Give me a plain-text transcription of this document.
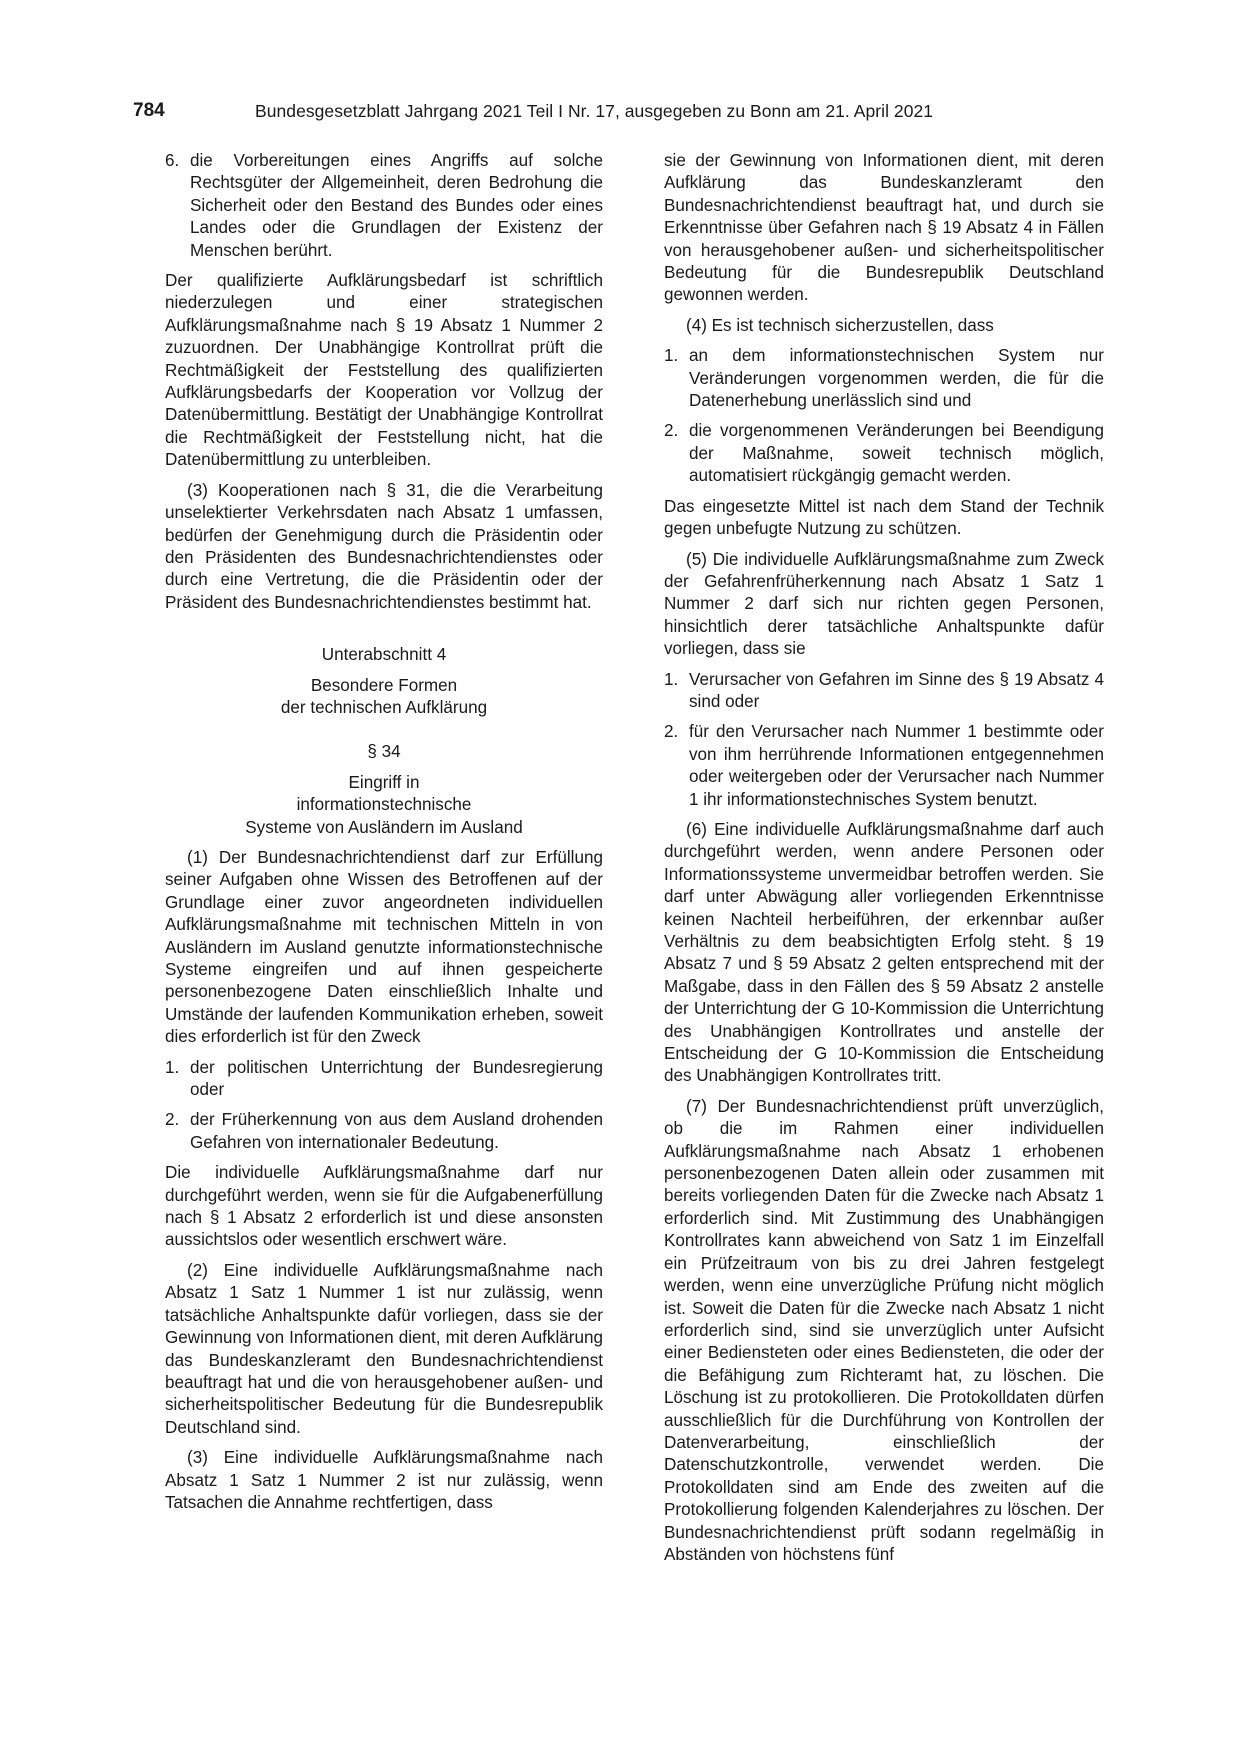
784	Bundesgesetzblatt Jahrgang 2021 Teil I Nr. 17, ausgegeben zu Bonn am 21. April 2021
6. die Vorbereitungen eines Angriffs auf solche Rechtsgüter der Allgemeinheit, deren Bedrohung die Sicherheit oder den Bestand des Bundes oder eines Landes oder die Grundlagen der Existenz der Menschen berührt.

Der qualifizierte Aufklärungsbedarf ist schriftlich niederzulegen und einer strategischen Aufklärungsmaßnahme nach § 19 Absatz 1 Nummer 2 zuzuordnen. Der Unabhängige Kontrollrat prüft die Rechtmäßigkeit der Feststellung des qualifizierten Aufklärungsbedarfs der Kooperation vor Vollzug der Datenübermittlung. Bestätigt der Unabhängige Kontrollrat die Rechtmäßigkeit der Feststellung nicht, hat die Datenübermittlung zu unterbleiben.

(3) Kooperationen nach § 31, die die Verarbeitung unselektierter Verkehrsdaten nach Absatz 1 umfassen, bedürfen der Genehmigung durch die Präsidentin oder den Präsidenten des Bundesnachrichtendienstes oder durch eine Vertretung, die die Präsidentin oder der Präsident des Bundesnachrichtendienstes bestimmt hat.

Unterabschnitt 4

Besondere Formen

der technischen Aufklärung

§ 34

Eingriff in

informationstechnische

Systeme von Ausländern im Ausland

(1) Der Bundesnachrichtendienst darf zur Erfüllung seiner Aufgaben ohne Wissen des Betroffenen auf der Grundlage einer zuvor angeordneten individuellen Aufklärungsmaßnahme mit technischen Mitteln in von Ausländern im Ausland genutzte informationstechnische Systeme eingreifen und auf ihnen gespeicherte personenbezogene Daten einschließlich Inhalte und Umstände der laufenden Kommunikation erheben, soweit dies erforderlich ist für den Zweck

1. der politischen Unterrichtung der Bundesregierung oder
2. der Früherkennung von aus dem Ausland drohenden Gefahren von internationaler Bedeutung.

Die individuelle Aufklärungsmaßnahme darf nur durchgeführt werden, wenn sie für die Aufgabenerfüllung nach § 1 Absatz 2 erforderlich ist und diese ansonsten aussichtslos oder wesentlich erschwert wäre.

(2) Eine individuelle Aufklärungsmaßnahme nach Absatz 1 Satz 1 Nummer 1 ist nur zulässig, wenn tatsächliche Anhaltspunkte dafür vorliegen, dass sie der Gewinnung von Informationen dient, mit deren Aufklärung das Bundeskanzleramt den Bundesnachrichtendienst beauftragt hat und die von herausgehobener außen- und sicherheitspolitischer Bedeutung für die Bundesrepublik Deutschland sind.

(3) Eine individuelle Aufklärungsmaßnahme nach Absatz 1 Satz 1 Nummer 2 ist nur zulässig, wenn Tatsachen die Annahme rechtfertigen, dass

sie der Gewinnung von Informationen dient, mit deren Aufklärung das Bundeskanzleramt den Bundesnachrichtendienst beauftragt hat, und durch sie Erkenntnisse über Gefahren nach § 19 Absatz 4 in Fällen von herausgehobener außen- und sicherheitspolitischer Bedeutung für die Bundesrepublik Deutschland gewonnen werden.

(4) Es ist technisch sicherzustellen, dass

1. an dem informationstechnischen System nur Veränderungen vorgenommen werden, die für die Datenerhebung unerlässlich sind und
2. die vorgenommenen Veränderungen bei Beendigung der Maßnahme, soweit technisch möglich, automatisiert rückgängig gemacht werden.

Das eingesetzte Mittel ist nach dem Stand der Technik gegen unbefugte Nutzung zu schützen.

(5) Die individuelle Aufklärungsmaßnahme zum Zweck der Gefahrenfrüherkennung nach Absatz 1 Satz 1 Nummer 2 darf sich nur richten gegen Personen, hinsichtlich derer tatsächliche Anhaltspunkte dafür vorliegen, dass sie

1. Verursacher von Gefahren im Sinne des § 19 Absatz 4 sind oder
2. für den Verursacher nach Nummer 1 bestimmte oder von ihm herrührende Informationen entgegennehmen oder weitergeben oder der Verursacher nach Nummer 1 ihr informationstechnisches System benutzt.

(6) Eine individuelle Aufklärungsmaßnahme darf auch durchgeführt werden, wenn andere Personen oder Informationssysteme unvermeidbar betroffen werden. Sie darf unter Abwägung aller vorliegenden Erkenntnisse keinen Nachteil herbeiführen, der erkennbar außer Verhältnis zu dem beabsichtigten Erfolg steht. § 19 Absatz 7 und § 59 Absatz 2 gelten entsprechend mit der Maßgabe, dass in den Fällen des § 59 Absatz 2 anstelle der Unterrichtung der G 10-Kommission die Unterrichtung des Unabhängigen Kontrollrates und anstelle der Entscheidung der G 10-Kommission die Entscheidung des Unabhängigen Kontrollrates tritt.

(7) Der Bundesnachrichtendienst prüft unverzüglich, ob die im Rahmen einer individuellen Aufklärungsmaßnahme nach Absatz 1 erhobenen personenbezogenen Daten allein oder zusammen mit bereits vorliegenden Daten für die Zwecke nach Absatz 1 erforderlich sind. Mit Zustimmung des Unabhängigen Kontrollrates kann abweichend von Satz 1 im Einzelfall ein Prüfzeitraum von bis zu drei Jahren festgelegt werden, wenn eine unverzügliche Prüfung nicht möglich ist. Soweit die Daten für die Zwecke nach Absatz 1 nicht erforderlich sind, sind sie unverzüglich unter Aufsicht einer Bediensteten oder eines Bediensteten, die oder der die Befähigung zum Richteramt hat, zu löschen. Die Löschung ist zu protokollieren. Die Protokolldaten dürfen ausschließlich für die Durchführung von Kontrollen der Datenverarbeitung, einschließlich der Datenschutzkontrolle, verwendet werden. Die Protokolldaten sind am Ende des zweiten auf die Protokollierung folgenden Kalenderjahres zu löschen. Der Bundesnachrichtendienst prüft sodann regelmäßig in Abständen von höchstens fünf
